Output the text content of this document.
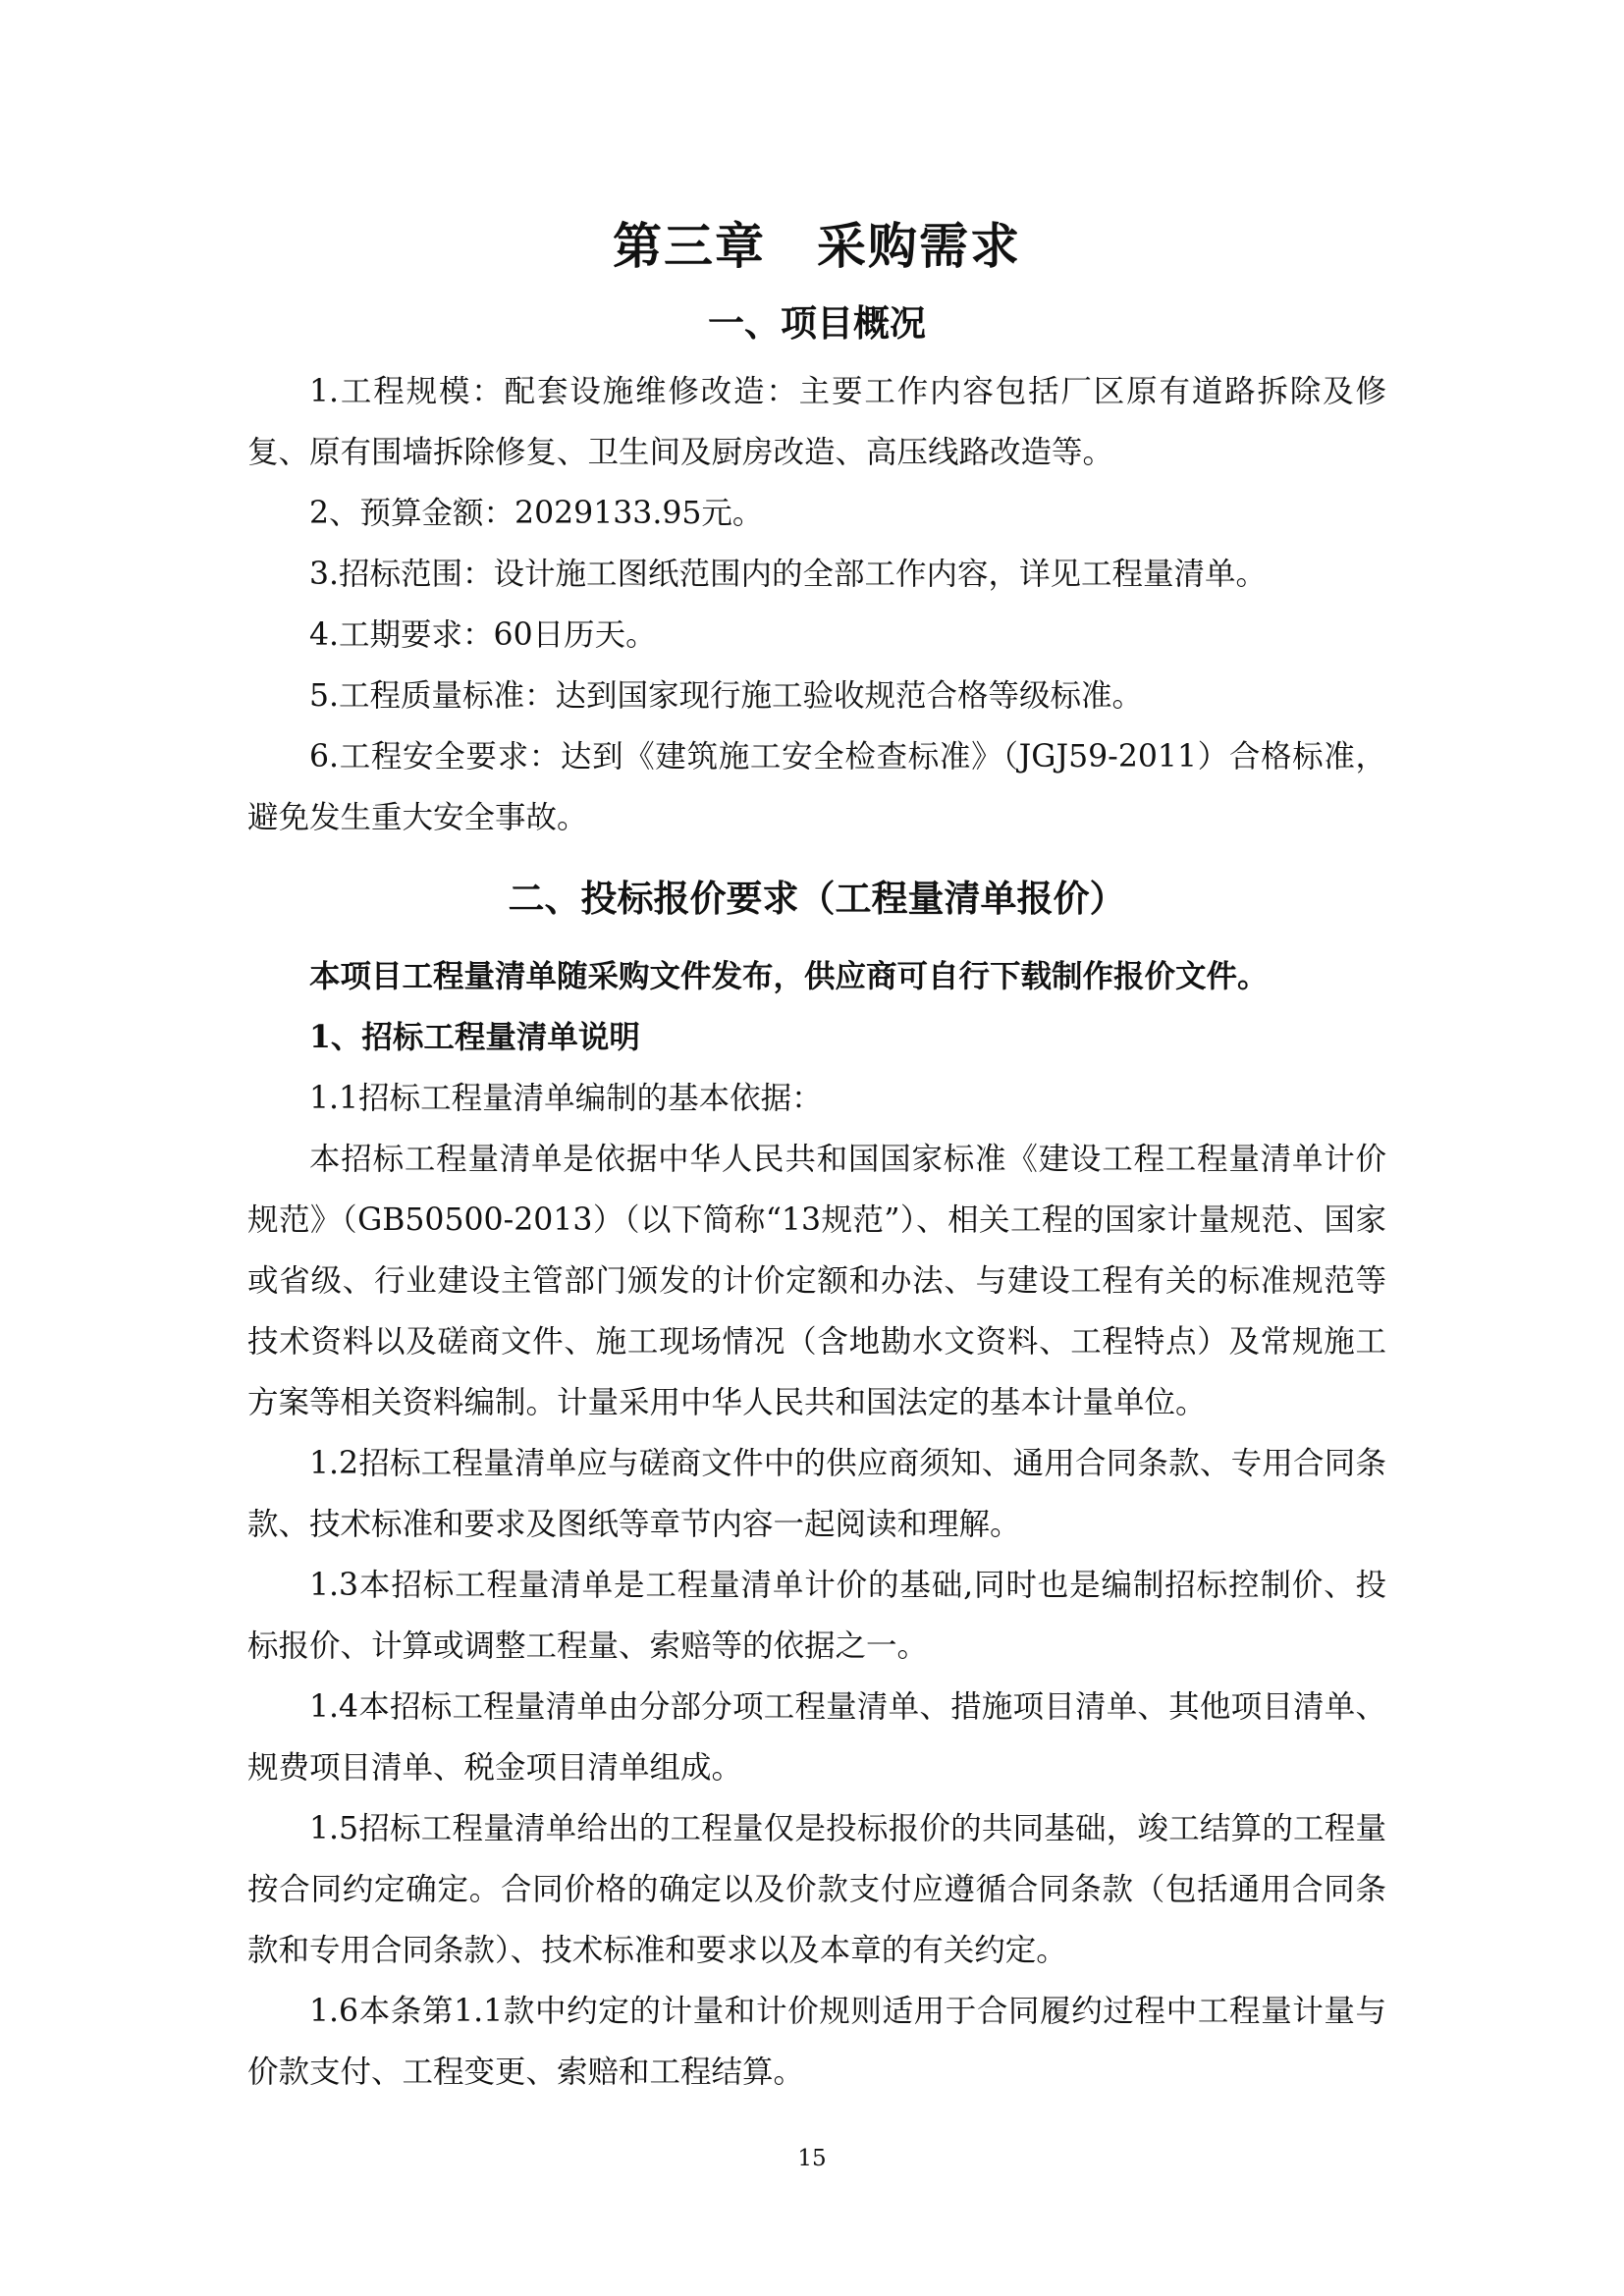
第三章　采购需求
一、项目概况

1.工程规模：配套设施维修改造：主要工作内容包括厂区原有道路拆除及修复、原有围墙拆除修复、卫生间及厨房改造、高压线路改造等。

2、预算金额：2029133.95元。

3.招标范围：设计施工图纸范围内的全部工作内容，详见工程量清单。

4.工期要求：60日历天。

5.工程质量标准：达到国家现行施工验收规范合格等级标准。

6.工程安全要求：达到《建筑施工安全检查标准》（JGJ59-2011）合格标准，避免发生重大安全事故。

二、投标报价要求（工程量清单报价）

本项目工程量清单随采购文件发布，供应商可自行下载制作报价文件。

1、招标工程量清单说明

1.1招标工程量清单编制的基本依据：

本招标工程量清单是依据中华人民共和国国家标准《建设工程工程量清单计价规范》（GB50500-2013）（以下简称“13规范”）、相关工程的国家计量规范、国家或省级、行业建设主管部门颁发的计价定额和办法、与建设工程有关的标准规范等技术资料以及磋商文件、施工现场情况（含地勘水文资料、工程特点）及常规施工方案等相关资料编制。计量采用中华人民共和国法定的基本计量单位。

1.2招标工程量清单应与磋商文件中的供应商须知、通用合同条款、专用合同条款、技术标准和要求及图纸等章节内容一起阅读和理解。

1.3本招标工程量清单是工程量清单计价的基础,同时也是编制招标控制价、投标报价、计算或调整工程量、索赔等的依据之一。

1.4本招标工程量清单由分部分项工程量清单、措施项目清单、其他项目清单、规费项目清单、税金项目清单组成。

1.5招标工程量清单给出的工程量仅是投标报价的共同基础，竣工结算的工程量按合同约定确定。合同价格的确定以及价款支付应遵循合同条款（包括通用合同条款和专用合同条款）、技术标准和要求以及本章的有关约定。

1.6本条第1.1款中约定的计量和计价规则适用于合同履约过程中工程量计量与价款支付、工程变更、索赔和工程结算。

15
